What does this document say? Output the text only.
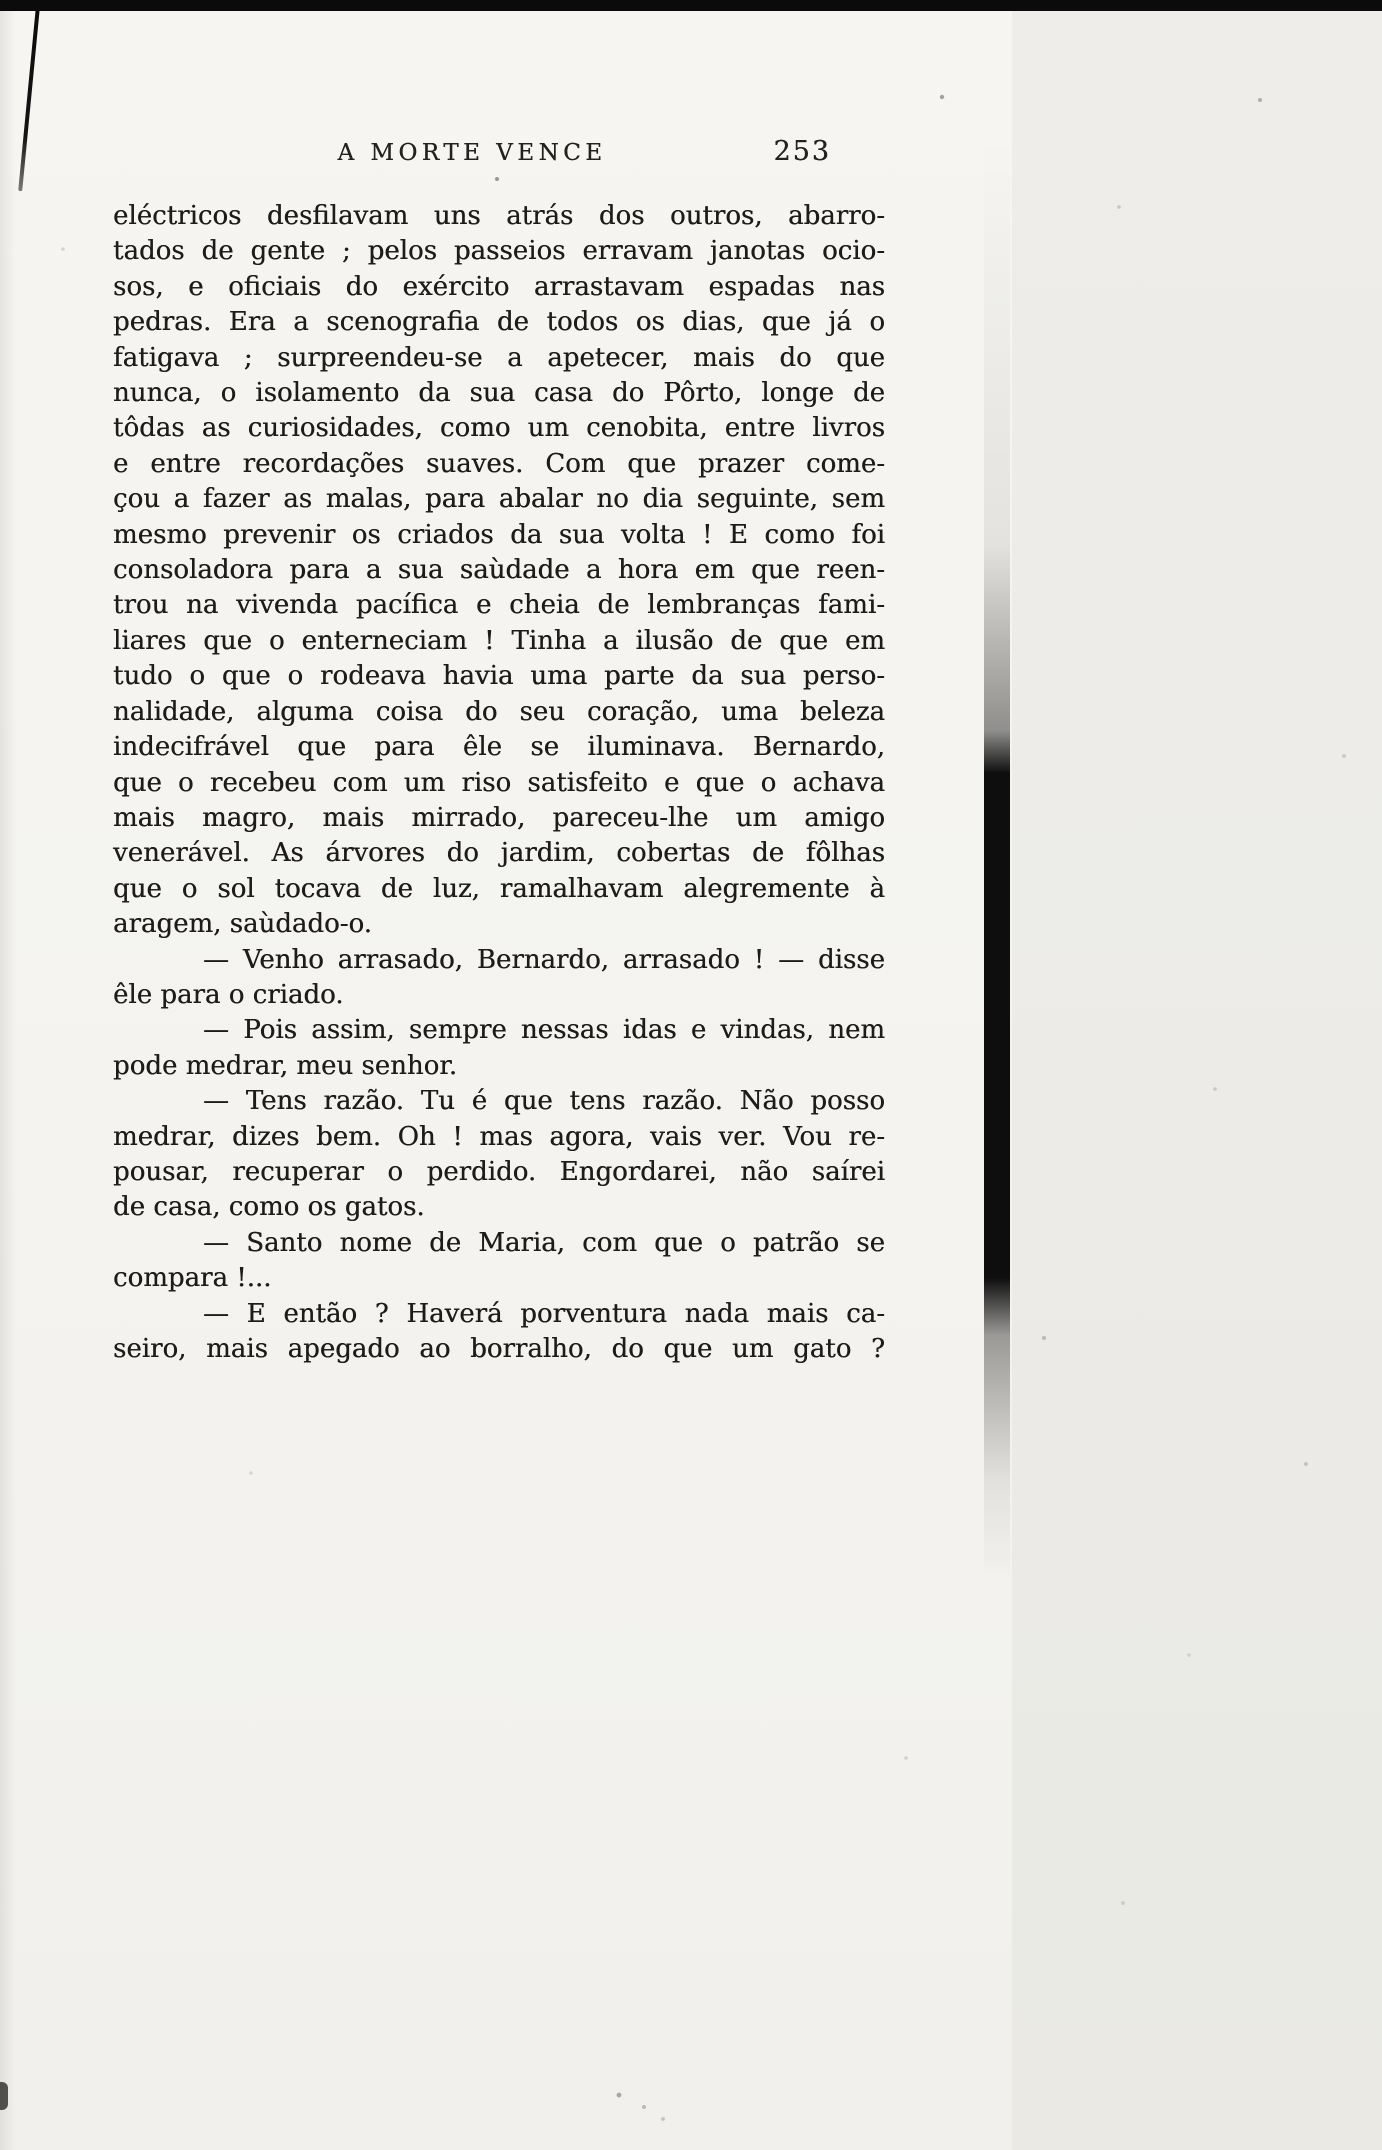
A MORTE VENCE	253
eléctricos desfilavam uns atrás dos outros, abarro-
tados de gente ; pelos passeios erravam janotas ocio-
sos, e oficiais do exército arrastavam espadas nas
pedras. Era a scenografia de todos os dias, que já o
fatigava ; surpreendeu-se a apetecer, mais do que
nunca, o isolamento da sua casa do Pôrto, longe de
tôdas as curiosidades, como um cenobita, entre livros
e entre recordações suaves. Com que prazer come-
çou a fazer as malas, para abalar no dia seguinte, sem
mesmo prevenir os criados da sua volta ! E como foi
consoladora para a sua saùdade a hora em que reen-
trou na vivenda pacífica e cheia de lembranças fami-
liares que o enterneciam ! Tinha a ilusão de que em
tudo o que o rodeava havia uma parte da sua perso-
nalidade, alguma coisa do seu coração, uma beleza
indecifrável que para êle se iluminava. Bernardo,
que o recebeu com um riso satisfeito e que o achava
mais magro, mais mirrado, pareceu-lhe um amigo
venerável. As árvores do jardim, cobertas de fôlhas
que o sol tocava de luz, ramalhavam alegremente à
aragem, saùdado-o.
— Venho arrasado, Bernardo, arrasado ! — disse
êle para o criado.
— Pois assim, sempre nessas idas e vindas, nem
pode medrar, meu senhor.
— Tens razão. Tu é que tens razão. Não posso
medrar, dizes bem. Oh ! mas agora, vais ver. Vou re-
pousar, recuperar o perdido. Engordarei, não saírei
de casa, como os gatos.
— Santo nome de Maria, com que o patrão se
compara !...
— E então ? Haverá porventura nada mais ca-
seiro, mais apegado ao borralho, do que um gato ?
